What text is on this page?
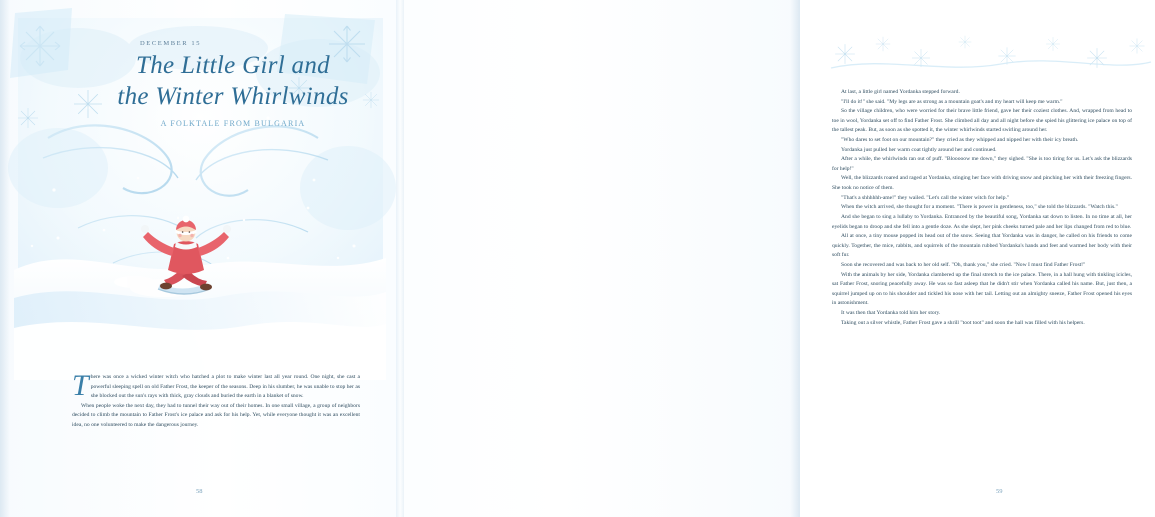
DECEMBER 15
The Little Girl and
the Winter Whirlwinds
A FOLKTALE FROM BULGARIA

There was once a wicked winter witch who hatched a plot to make winter last all year round. One night, she cast a powerful sleeping spell on old Father Frost, the keeper of the seasons. Deep in his slumber, he was unable to stop her as she blocked out the sun's rays with thick, gray clouds and buried the earth in a blanket of snow.

When people woke the next day, they had to tunnel their way out of their homes. In one small village, a group of neighbors decided to climb the mountain to Father Frost's ice palace and ask for his help. Yet, while everyone thought it was an excellent idea, no one volunteered to make the dangerous journey.

58

At last, a little girl named Yordanka stepped forward.

"I'll do it!" she said. "My legs are as strong as a mountain goat's and my heart will keep me warm."

So the village children, who were worried for their brave little friend, gave her their coziest clothes. And, wrapped from head to toe in wool, Yordanka set off to find Father Frost. She climbed all day and all night before she spied his glittering ice palace on top of the tallest peak. But, as soon as she spotted it, the winter whirlwinds started swirling around her.

"Who dares to set foot on our mountain?" they cried as they whipped and nipped her with their icy breath.

Yordanka just pulled her warm coat tightly around her and continued.

After a while, the whirlwinds ran out of puff. "Blooooow me down," they sighed. "She is too tiring for us. Let's ask the blizzards for help!"

Well, the blizzards roared and raged at Yordanka, stinging her face with driving snow and pinching her with their freezing fingers. She took no notice of them.

"That's a shhhhhh-ame!" they wailed. "Let's call the winter witch for help."

When the witch arrived, she thought for a moment. "There is power in gentleness, too," she told the blizzards. "Watch this."

And she began to sing a lullaby to Yordanka. Entranced by the beautiful song, Yordanka sat down to listen. In no time at all, her eyelids began to droop and she fell into a gentle doze. As she slept, her pink cheeks turned pale and her lips changed from red to blue.

All at once, a tiny mouse popped its head out of the snow. Seeing that Yordanka was in danger, he called on his friends to come quickly. Together, the mice, rabbits, and squirrels of the mountain rubbed Yordanka's hands and feet and warmed her body with their soft fur.

Soon she recovered and was back to her old self. "Oh, thank you," she cried. "Now I must find Father Frost!"

With the animals by her side, Yordanka clambered up the final stretch to the ice palace. There, in a hall hung with tinkling icicles, sat Father Frost, snoring peacefully away. He was so fast asleep that he didn't stir when Yordanka called his name. But, just then, a squirrel jumped up on to his shoulder and tickled his nose with her tail. Letting out an almighty sneeze, Father Frost opened his eyes in astonishment.

It was then that Yordanka told him her story.

Taking out a silver whistle, Father Frost gave a shrill "toot toot" and soon the hall was filled with his helpers.

59
